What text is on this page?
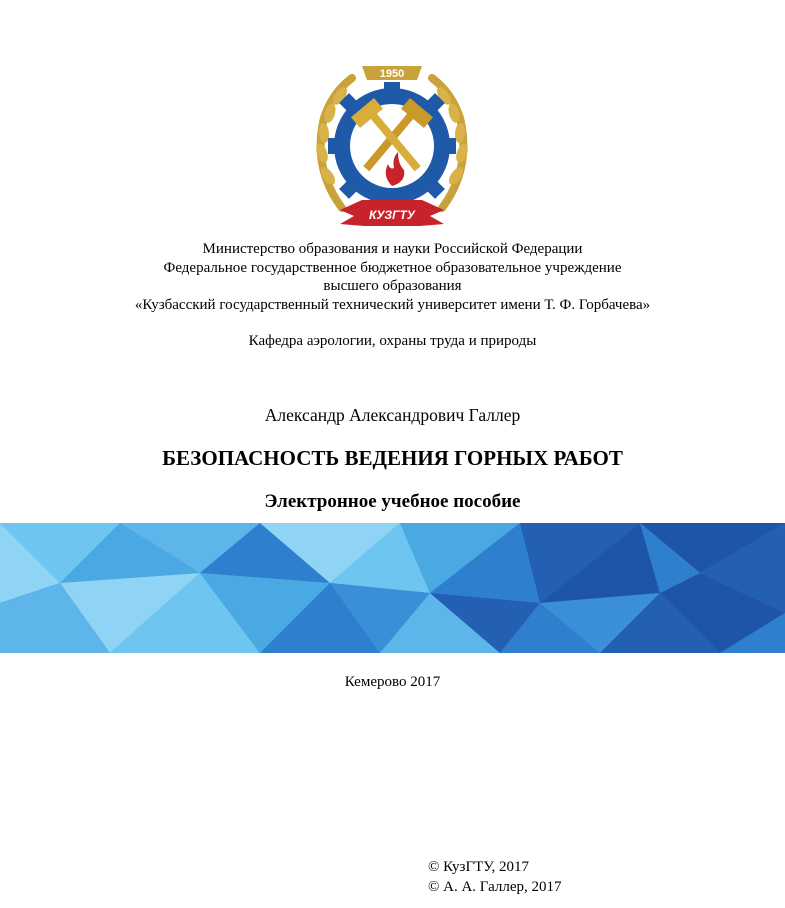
1950
КУЗГТУ
Министерство образования и науки Российской Федерации
Федеральное государственное бюджетное образовательное учреждение
высшего образования
«Кузбасский государственный технический университет имени Т. Ф. Горбачева»
Кафедра аэрологии, охраны труда и природы
Александр Александрович Галлер
БЕЗОПАСНОСТЬ ВЕДЕНИЯ ГОРНЫХ РАБОТ
Электронное учебное пособие
Кемерово 2017
© КузГТУ, 2017
© А. А. Галлер, 2017
